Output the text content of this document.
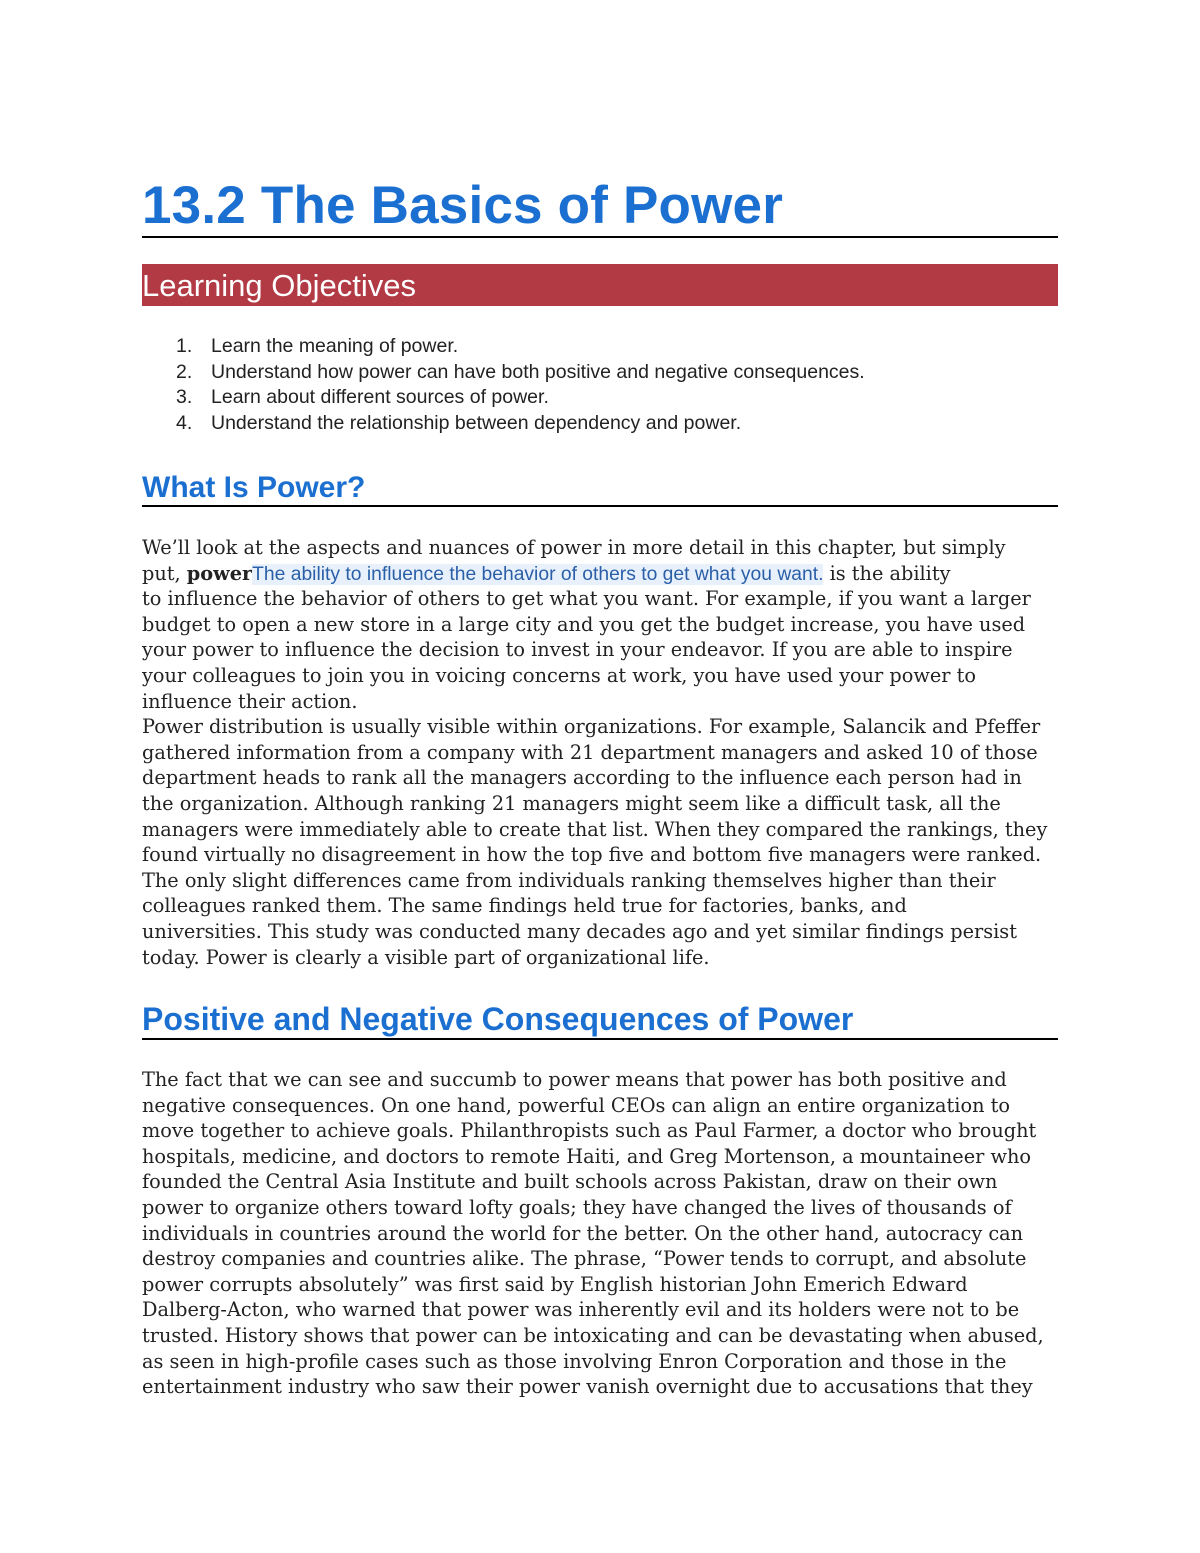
13.2 The Basics of Power
Learning Objectives
1. Learn the meaning of power.
2. Understand how power can have both positive and negative consequences.
3. Learn about different sources of power.
4. Understand the relationship between dependency and power.
What Is Power?
We’ll look at the aspects and nuances of power in more detail in this chapter, but simply
put, powerThe ability to influence the behavior of others to get what you want. is the ability
to influence the behavior of others to get what you want. For example, if you want a larger
budget to open a new store in a large city and you get the budget increase, you have used
your power to influence the decision to invest in your endeavor. If you are able to inspire
your colleagues to join you in voicing concerns at work, you have used your power to
influence their action.
Power distribution is usually visible within organizations. For example, Salancik and Pfeffer
gathered information from a company with 21 department managers and asked 10 of those
department heads to rank all the managers according to the influence each person had in
the organization. Although ranking 21 managers might seem like a difficult task, all the
managers were immediately able to create that list. When they compared the rankings, they
found virtually no disagreement in how the top five and bottom five managers were ranked.
The only slight differences came from individuals ranking themselves higher than their
colleagues ranked them. The same findings held true for factories, banks, and
universities. This study was conducted many decades ago and yet similar findings persist
today. Power is clearly a visible part of organizational life.
Positive and Negative Consequences of Power
The fact that we can see and succumb to power means that power has both positive and
negative consequences. On one hand, powerful CEOs can align an entire organization to
move together to achieve goals. Philanthropists such as Paul Farmer, a doctor who brought
hospitals, medicine, and doctors to remote Haiti, and Greg Mortenson, a mountaineer who
founded the Central Asia Institute and built schools across Pakistan, draw on their own
power to organize others toward lofty goals; they have changed the lives of thousands of
individuals in countries around the world for the better. On the other hand, autocracy can
destroy companies and countries alike. The phrase, “Power tends to corrupt, and absolute
power corrupts absolutely” was first said by English historian John Emerich Edward
Dalberg-Acton, who warned that power was inherently evil and its holders were not to be
trusted. History shows that power can be intoxicating and can be devastating when abused,
as seen in high-profile cases such as those involving Enron Corporation and those in the
entertainment industry who saw their power vanish overnight due to accusations that they
